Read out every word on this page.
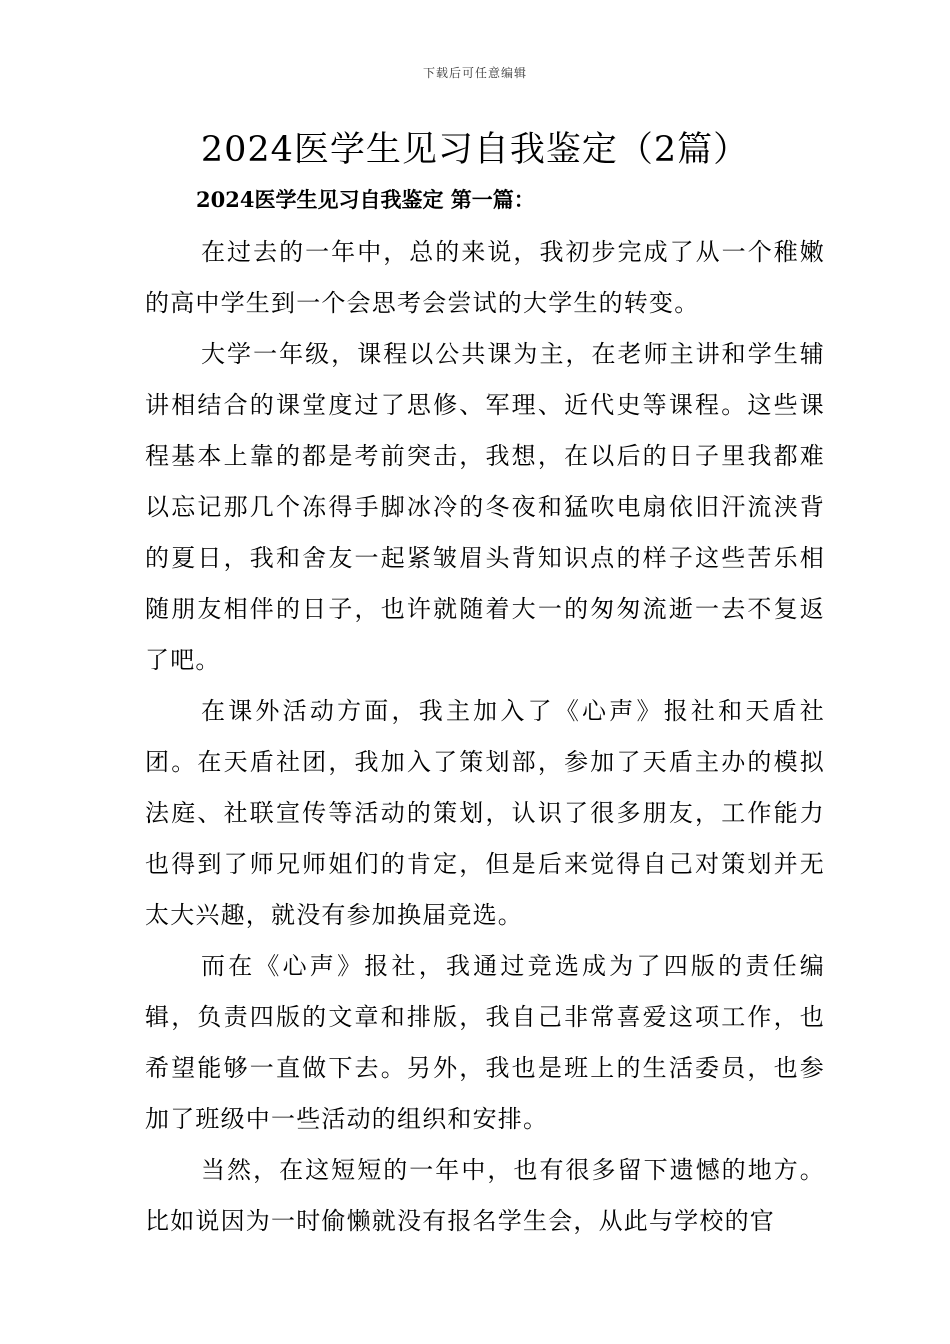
下载后可任意编辑
2024医学生见习自我鉴定（2篇）
2024医学生见习自我鉴定 第一篇：

在过去的一年中，总的来说，我初步完成了从一个稚嫩的高中学生到一个会思考会尝试的大学生的转变。

大学一年级，课程以公共课为主，在老师主讲和学生辅讲相结合的课堂度过了思修、军理、近代史等课程。这些课程基本上靠的都是考前突击，我想，在以后的日子里我都难以忘记那几个冻得手脚冰冷的冬夜和猛吹电扇依旧汗流浃背的夏日，我和舍友一起紧皱眉头背知识点的样子这些苦乐相随朋友相伴的日子，也许就随着大一的匆匆流逝一去不复返了吧。

在课外活动方面，我主加入了《心声》报社和天盾社团。在天盾社团，我加入了策划部，参加了天盾主办的模拟法庭、社联宣传等活动的策划，认识了很多朋友，工作能力也得到了师兄师姐们的肯定，但是后来觉得自己对策划并无太大兴趣，就没有参加换届竞选。

而在《心声》报社，我通过竞选成为了四版的责任编辑，负责四版的文章和排版，我自己非常喜爱这项工作，也希望能够一直做下去。另外，我也是班上的生活委员，也参加了班级中一些活动的组织和安排。

当然，在这短短的一年中，也有很多留下遗憾的地方。比如说因为一时偷懒就没有报名学生会，从此与学校的官
